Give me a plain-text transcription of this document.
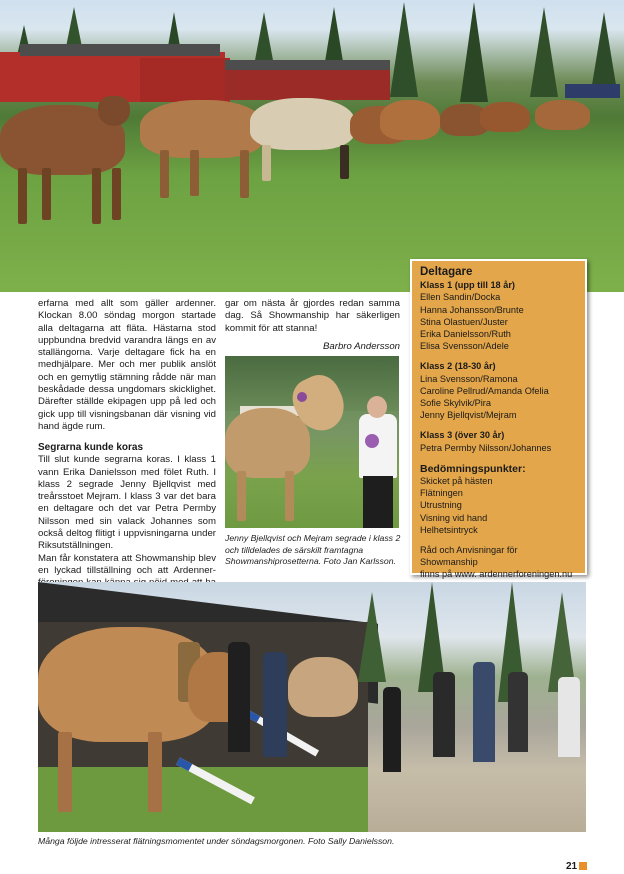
erfarna med allt som gäller ardenner. Klockan 8.00 söndag morgon startade alla deltagarna att fläta. Hästarna stod uppbundna bredvid varandra längs en av stallängorna. Varje deltagare fick ha en medhjälpare. Mer och mer publik anslöt och en gemytlig stämning rådde när man beskådade dessa ungdomars skicklighet. Därefter ställde ekipagen upp på led och gick upp till visningsbanan där visning vid hand ägde rum.

Segrarna kunde koras

Till slut kunde segrarna koras. I klass 1 vann Erika Danielsson med fölet Ruth. I klass 2 segrade Jenny Bjellqvist med treårsstoet Mejram. I klass 3 var det bara en deltagare och det var Petra Permby Nilsson med sin valack Johannes som också deltog flitigt i uppvisningarna under Riksutställningen.

Man får konstatera att Showmanship blev en lyckad tillställning och att Ardenner-

gar om nästa år gjordes redan samma dag. Så Showmanship har säkerligen kommit för att stanna!

Barbro Andersson

Jenny Bjellqvist och Mejram segrade i klass 2 och tilldelades de särskilt framtagna Showmanshiprosetterna. Foto Jan Karlsson.
Deltagare
Klass 1 (upp till 18 år)
Ellen Sandin/Docka
Hanna Johansson/Brunte
Stina Olastuen/Juster
Erika Danielsson/Ruth
Elisa Svensson/Adele
Klass 2 (18-30 år)
Lina Svensson/Ramona
Caroline Pellrud/Amanda Ofelia
Sofie Skylvik/Pira
Jenny Bjellqvist/Mejram
Klass 3 (över 30 år)
Petra Permby Nilsson/Johannes
Bedömningspunkter:
Skicket på hästen
Flätningen
Utrustning
Visning vid hand
Helhetsintryck
Råd och Anvisningar för Showmanship
finns på www. ardennerforeningen.nu
Många följde intresserat flätningsmomentet under söndagsmorgonen. Foto Sally Danielsson.
21
